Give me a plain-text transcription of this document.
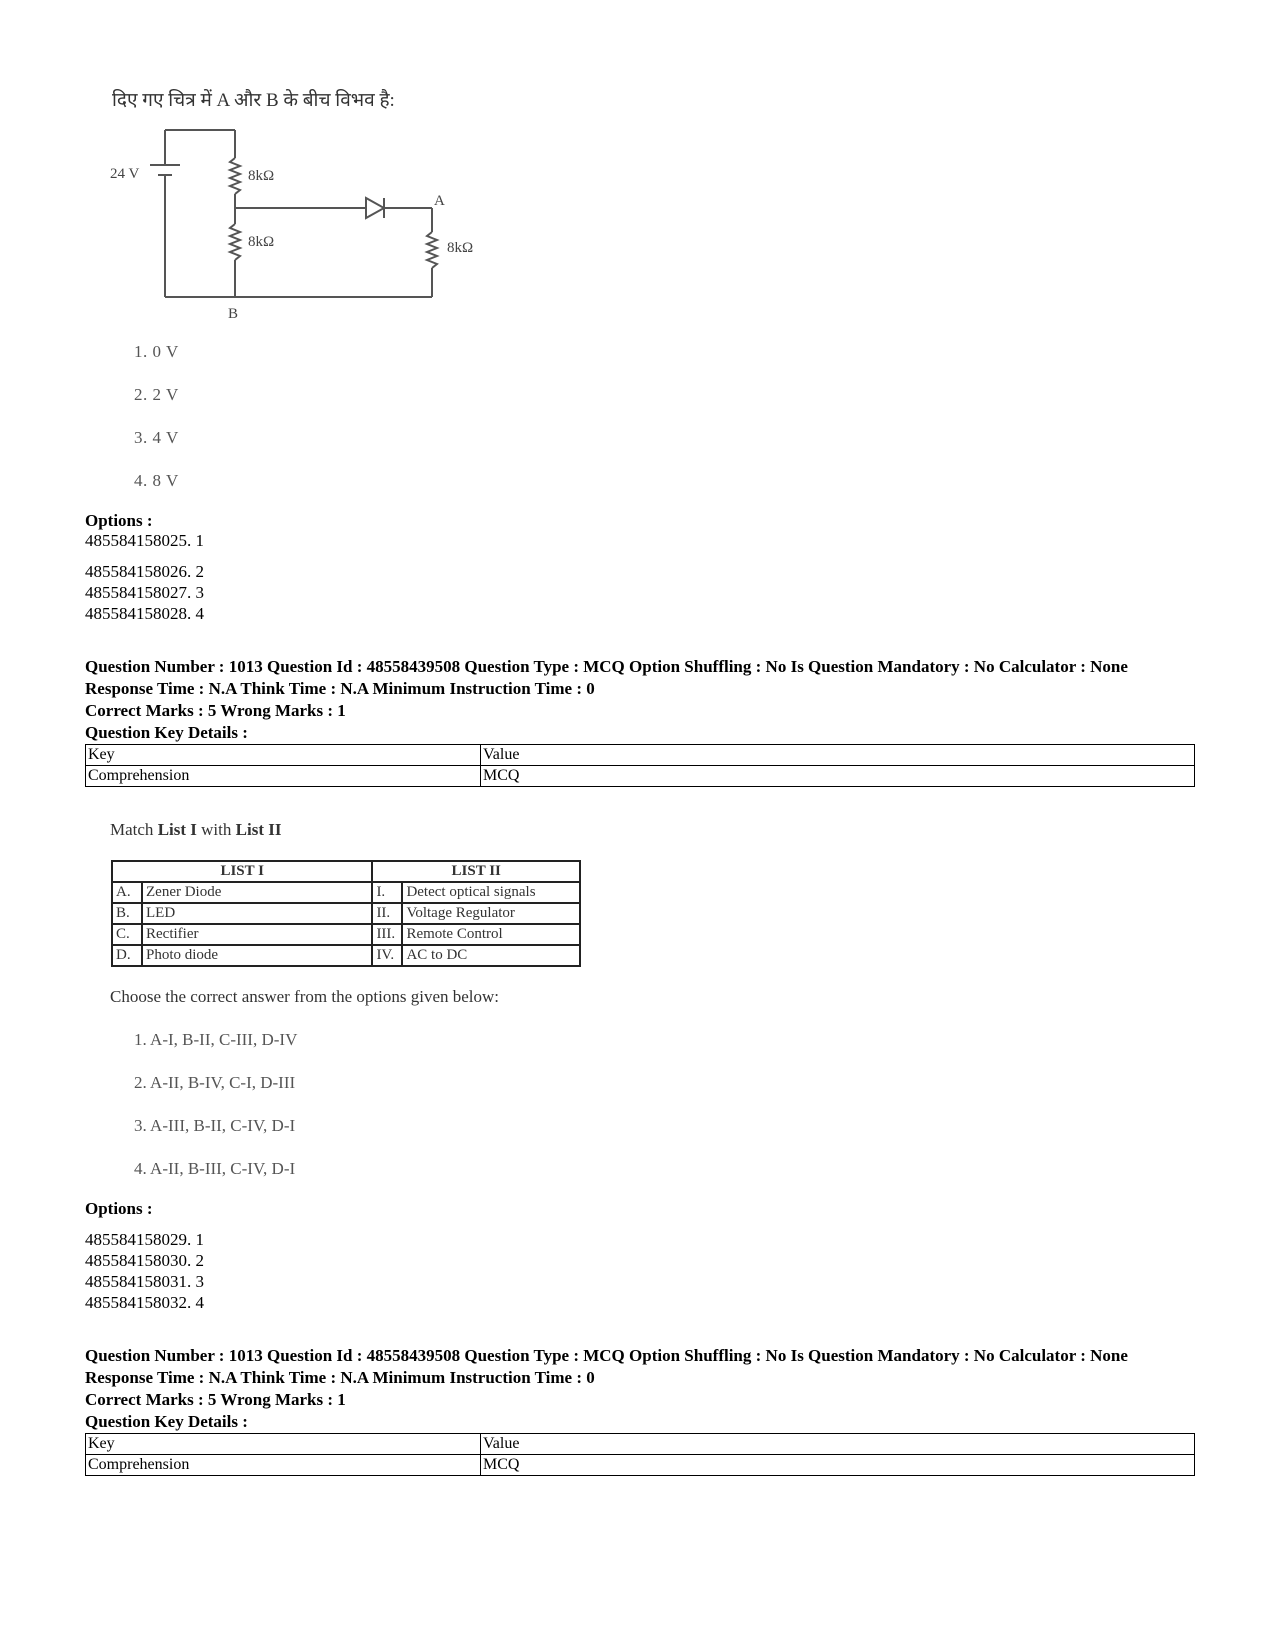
दिए गए चित्र में A और B के बीच विभव है:
24 V	8kΩ
8kΩ	8kΩ
A
B
1. 0 V
2. 2 V
3. 4 V
4. 8 V
Options :
485584158025. 1
485584158026. 2
485584158027. 3
485584158028. 4
Question Number : 1013 Question Id : 48558439508 Question Type : MCQ Option Shuffling : No Is Question Mandatory : No Calculator : None
Response Time : N.A Think Time : N.A Minimum Instruction Time : 0
Correct Marks : 5 Wrong Marks : 1
Question Key Details :
Key	Value
Comprehension	MCQ
Match List I with List II
LIST I		LIST II	
A.	Zener Diode	I.	Detect optical signals
B.	LED	II.	Voltage Regulator
C.	Rectifier	III.	Remote Control
D.	Photo diode	IV.	AC to DC
Choose the correct answer from the options given below:
1. A-I, B-II, C-III, D-IV
2. A-II, B-IV, C-I, D-III
3. A-III, B-II, C-IV, D-I
4. A-II, B-III, C-IV, D-I
Options :
485584158029. 1
485584158030. 2
485584158031. 3
485584158032. 4
Question Number : 1013 Question Id : 48558439508 Question Type : MCQ Option Shuffling : No Is Question Mandatory : No Calculator : None
Response Time : N.A Think Time : N.A Minimum Instruction Time : 0
Correct Marks : 5 Wrong Marks : 1
Question Key Details :
Key	Value
Comprehension	MCQ
